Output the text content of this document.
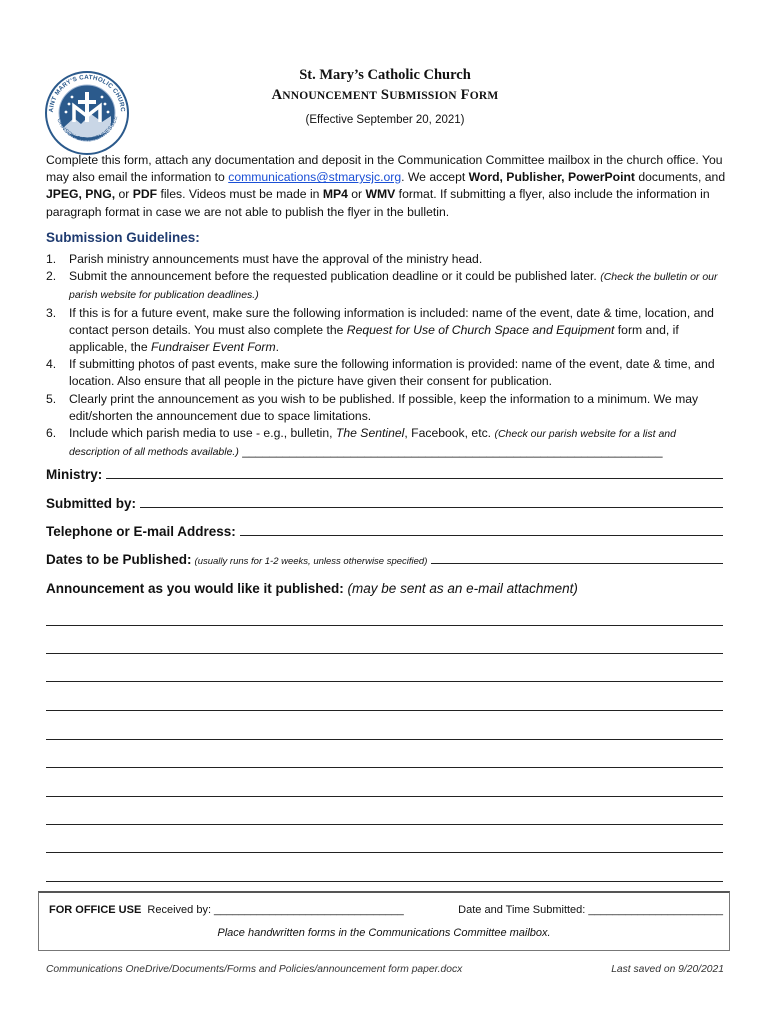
AINT MARY'S CATHOLIC CHURC
OHNSON CITY, TENNESSEE
St. Mary’s Catholic Church
ANNOUNCEMENT SUBMISSION FORM
(Effective September 20, 2021)
Complete this form, attach any documentation and deposit in the Communication Committee mailbox in the church office. You may also email the information to communications@stmarysjc.org. We accept Word, Publisher, PowerPoint documents, and JPEG, PNG, or PDF files. Videos must be made in MP4 or WMV format. If submitting a flyer, also include the information in paragraph format in case we are not able to publish the flyer in the bulletin.
Submission Guidelines:
1. Parish ministry announcements must have the approval of the ministry head.
2. Submit the announcement before the requested publication deadline or it could be published later. (Check the bulletin or our parish website for publication deadlines.)
3. If this is for a future event, make sure the following information is included: name of the event, date & time, location, and contact person details. You must also complete the Request for Use of Church Space and Equipment form and, if applicable, the Fundraiser Event Form.
4. If submitting photos of past events, make sure the following information is provided: name of the event, date & time, and location. Also ensure that all people in the picture have given their consent for publication.
5. Clearly print the announcement as you wish to be published. If possible, keep the information to a minimum. We may edit/shorten the announcement due to space limitations.
6. Include which parish media to use - e.g., bulletin, The Sentinel, Facebook, etc. (Check our parish website for a list and description of all methods available.) ______________________________________________________________
Ministry:
Submitted by:
Telephone or E-mail Address:
Dates to be Published: (usually runs for 1-2 weeks, unless otherwise specified)
Announcement as you would like it published: (may be sent as an e-mail attachment)
FOR OFFICE USE Received by: _______________________________	Date and Time Submitted: ______________________
Place handwritten forms in the Communications Committee mailbox.
Communications OneDrive/Documents/Forms and Policies/announcement form paper.docx	Last saved on 9/20/2021
